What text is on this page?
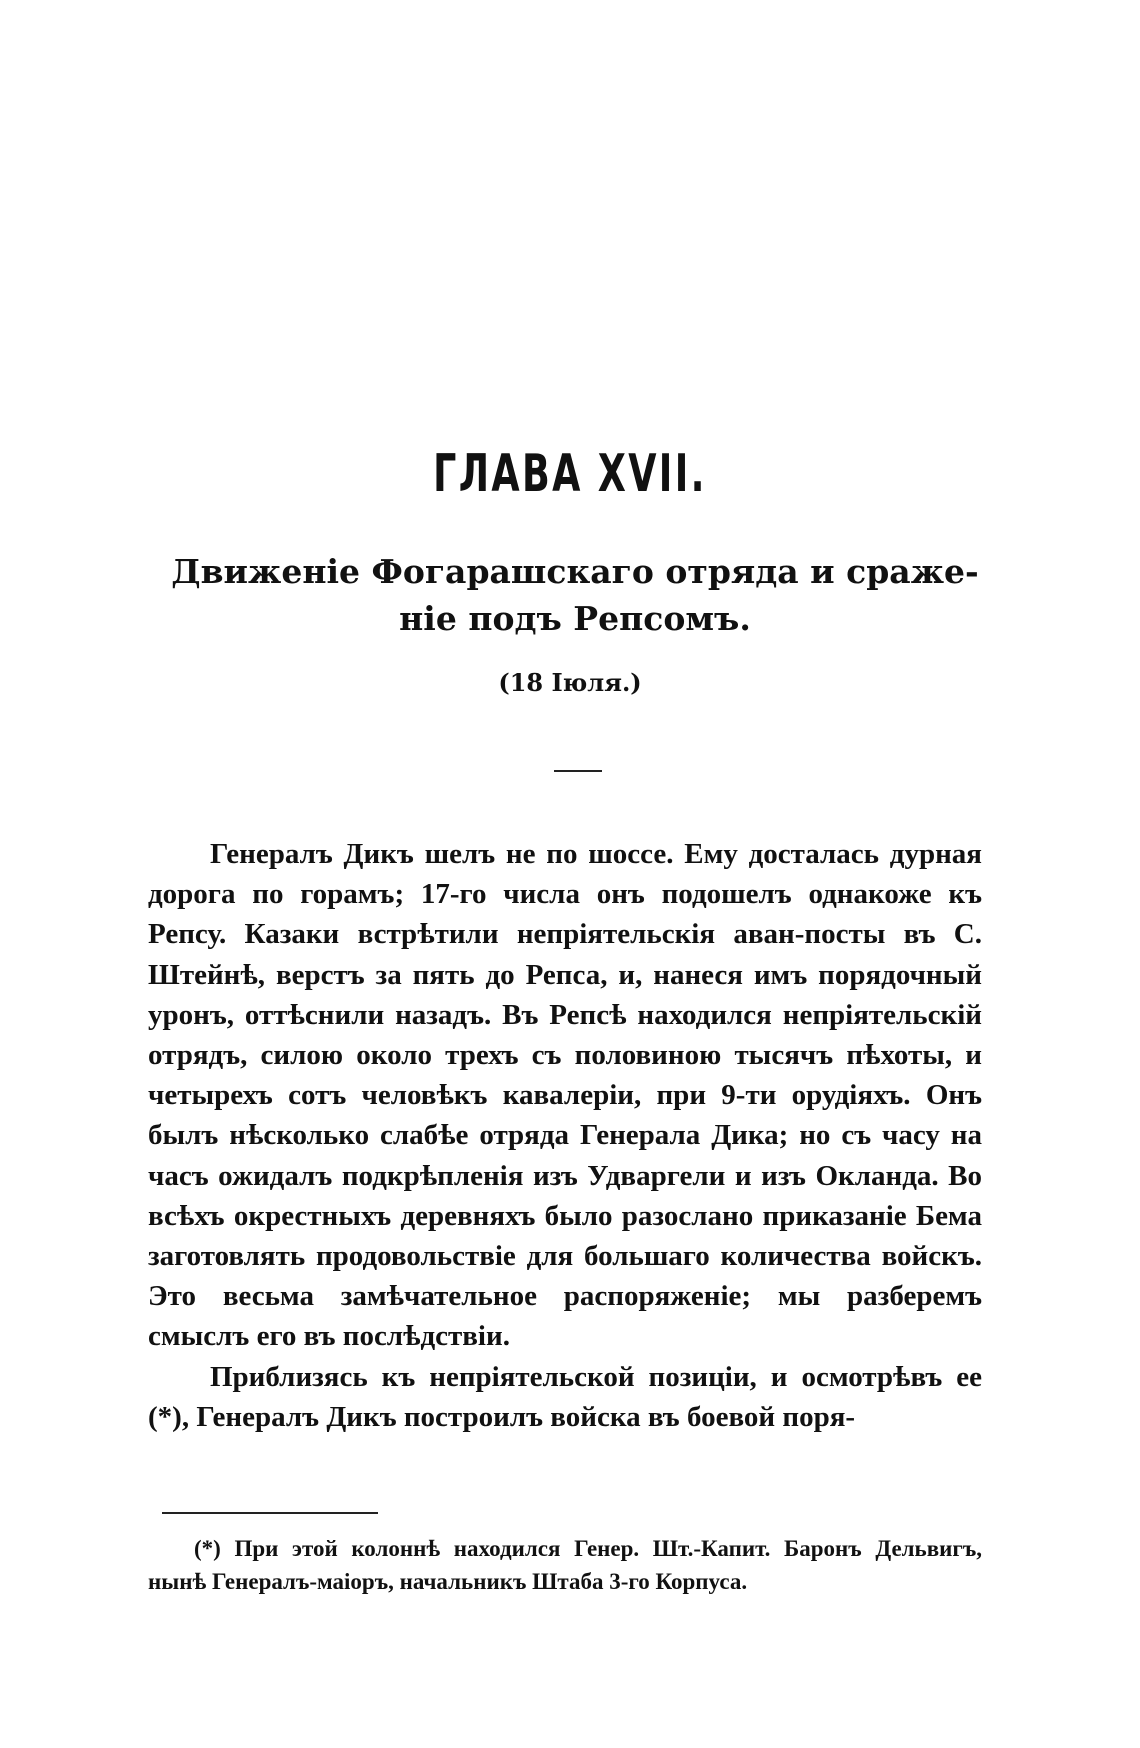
ГЛАВА XVII.
Движеніе Фогарашскаго отряда и сраже-ніе подъ Репсомъ.
(18 Іюля.)

Генералъ Дикъ шелъ не по шоссе. Ему досталась дурная дорога по горамъ; 17-го числа онъ подошелъ однакоже къ Репсу. Казаки встрѣтили непріятельскія аван-посты въ С. Штейнѣ, верстъ за пять до Репса, и, нанеся имъ порядочный уронъ, оттѣснили назадъ. Въ Репсѣ находился непріятельскій отрядъ, силою около трехъ съ половиною тысячъ пѣхоты, и четырехъ сотъ человѣкъ кавалеріи, при 9-ти орудіяхъ. Онъ былъ нѣсколько слабѣе отряда Генерала Дика; но съ часу на часъ ожидалъ подкрѣпленія изъ Удваргели и изъ Окланда. Во всѣхъ окрестныхъ деревняхъ было разослано приказаніе Бема заготовлять продовольствіе для большаго количества войскъ. Это весьма замѣчательное распоряженіе; мы разберемъ смыслъ его въ послѣдствіи.

Приблизясь къ непріятельской позиціи, и осмотрѣвъ ее (*), Генералъ Дикъ построилъ войска въ боевой поря-

(*) При этой колоннѣ находился Генер. Шт.-Капит. Баронъ Дельвигъ, нынѣ Генералъ-маіоръ, начальникъ Штаба 3-го Корпуса.
